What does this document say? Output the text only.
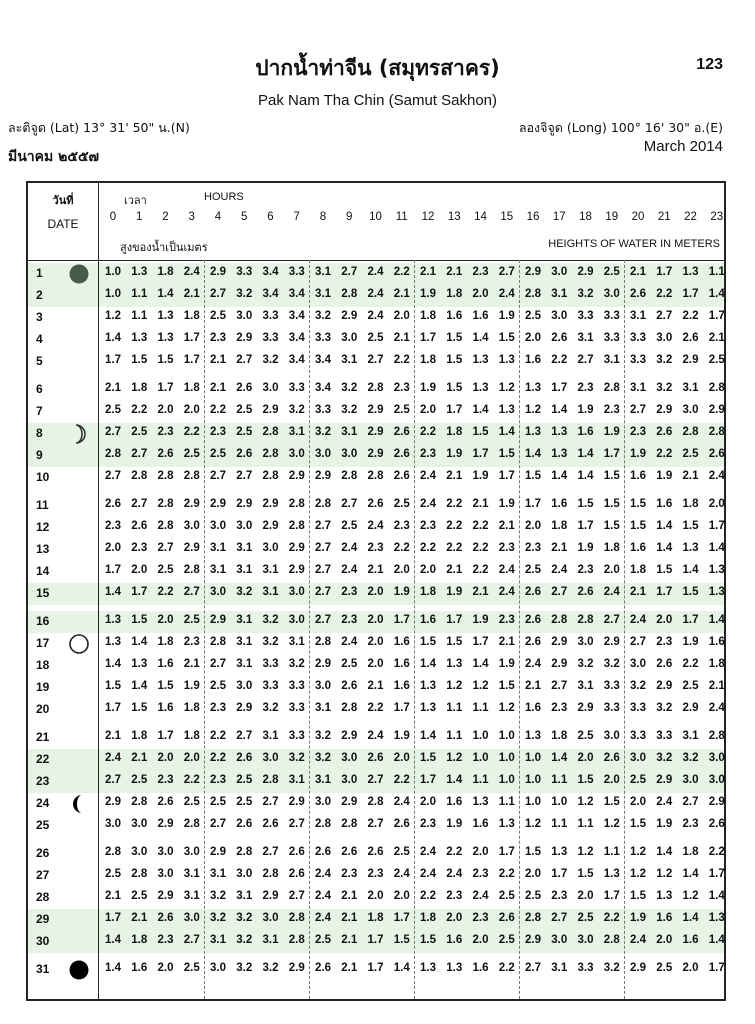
ปากน้ำท่าจีน (สมุทรสาคร)	123
Pak Nam Tha Chin (Samut Sakhon)
ละติจูด (Lat) 13° 31' 50" น.(N)	ลองจิจูด (Long) 100° 16' 30" อ.(E)
มีนาคม ๒๕๕๗
March 2014
วันที่
DATE
เวลา	HOURS
สูงของน้ำเป็นเมตร	HEIGHTS OF WATER IN METERS
0	1	2	3	4	5	6	7	8	9	10	11	12	13	14	15	16	17	18	19	20	21	22	23
1	1.0 1.3 1.8 2.4 2.9 3.3 3.4 3.3 3.1 2.7 2.4 2.2 2.1 2.1 2.3 2.7 2.9 3.0 2.9 2.5 2.1 1.7 1.3 1.1
2	1.0 1.1 1.4 2.1 2.7 3.2 3.4 3.4 3.1 2.8 2.4 2.1 1.9 1.8 2.0 2.4 2.8 3.1 3.2 3.0 2.6 2.2 1.7 1.4
3	1.2 1.1 1.3 1.8 2.5 3.0 3.3 3.4 3.2 2.9 2.4 2.0 1.8 1.6 1.6 1.9 2.5 3.0 3.3 3.3 3.1 2.7 2.2 1.7
4	1.4 1.3 1.3 1.7 2.3 2.9 3.3 3.4 3.3 3.0 2.5 2.1 1.7 1.5 1.4 1.5 2.0 2.6 3.1 3.3 3.3 3.0 2.6 2.1
5	1.7 1.5 1.5 1.7 2.1 2.7 3.2 3.4 3.4 3.1 2.7 2.2 1.8 1.5 1.3 1.3 1.6 2.2 2.7 3.1 3.3 3.2 2.9 2.5
6	2.1 1.8 1.7 1.8 2.1 2.6 3.0 3.3 3.4 3.2 2.8 2.3 1.9 1.5 1.3 1.2 1.3 1.7 2.3 2.8 3.1 3.2 3.1 2.8
7	2.5 2.2 2.0 2.0 2.2 2.5 2.9 3.2 3.3 3.2 2.9 2.5 2.0 1.7 1.4 1.3 1.2 1.4 1.9 2.3 2.7 2.9 3.0 2.9
8	2.7 2.5 2.3 2.2 2.3 2.5 2.8 3.1 3.2 3.1 2.9 2.6 2.2 1.8 1.5 1.4 1.3 1.3 1.6 1.9 2.3 2.6 2.8 2.8
9	2.8 2.7 2.6 2.5 2.5 2.6 2.8 3.0 3.0 3.0 2.9 2.6 2.3 1.9 1.7 1.5 1.4 1.3 1.4 1.7 1.9 2.2 2.5 2.6
10	2.7 2.8 2.8 2.8 2.7 2.7 2.8 2.9 2.9 2.8 2.8 2.6 2.4 2.1 1.9 1.7 1.5 1.4 1.4 1.5 1.6 1.9 2.1 2.4
11	2.6 2.7 2.8 2.9 2.9 2.9 2.9 2.8 2.8 2.7 2.6 2.5 2.4 2.2 2.1 1.9 1.7 1.6 1.5 1.5 1.5 1.6 1.8 2.0
12	2.3 2.6 2.8 3.0 3.0 3.0 2.9 2.8 2.7 2.5 2.4 2.3 2.3 2.2 2.2 2.1 2.0 1.8 1.7 1.5 1.5 1.4 1.5 1.7
13	2.0 2.3 2.7 2.9 3.1 3.1 3.0 2.9 2.7 2.4 2.3 2.2 2.2 2.2 2.2 2.3 2.3 2.1 1.9 1.8 1.6 1.4 1.3 1.4
14	1.7 2.0 2.5 2.8 3.1 3.1 3.1 2.9 2.7 2.4 2.1 2.0 2.0 2.1 2.2 2.4 2.5 2.4 2.3 2.0 1.8 1.5 1.4 1.3
15	1.4 1.7 2.2 2.7 3.0 3.2 3.1 3.0 2.7 2.3 2.0 1.9 1.8 1.9 2.1 2.4 2.6 2.7 2.6 2.4 2.1 1.7 1.5 1.3
16	1.3 1.5 2.0 2.5 2.9 3.1 3.2 3.0 2.7 2.3 2.0 1.7 1.6 1.7 1.9 2.3 2.6 2.8 2.8 2.7 2.4 2.0 1.7 1.4
17	1.3 1.4 1.8 2.3 2.8 3.1 3.2 3.1 2.8 2.4 2.0 1.6 1.5 1.5 1.7 2.1 2.6 2.9 3.0 2.9 2.7 2.3 1.9 1.6
18	1.4 1.3 1.6 2.1 2.7 3.1 3.3 3.2 2.9 2.5 2.0 1.6 1.4 1.3 1.4 1.9 2.4 2.9 3.2 3.2 3.0 2.6 2.2 1.8
19	1.5 1.4 1.5 1.9 2.5 3.0 3.3 3.3 3.0 2.6 2.1 1.6 1.3 1.2 1.2 1.5 2.1 2.7 3.1 3.3 3.2 2.9 2.5 2.1
20	1.7 1.5 1.6 1.8 2.3 2.9 3.2 3.3 3.1 2.8 2.2 1.7 1.3 1.1 1.1 1.2 1.6 2.3 2.9 3.3 3.3 3.2 2.9 2.4
21	2.1 1.8 1.7 1.8 2.2 2.7 3.1 3.3 3.2 2.9 2.4 1.9 1.4 1.1 1.0 1.0 1.3 1.8 2.5 3.0 3.3 3.3 3.1 2.8
22	2.4 2.1 2.0 2.0 2.2 2.6 3.0 3.2 3.2 3.0 2.6 2.0 1.5 1.2 1.0 1.0 1.0 1.4 2.0 2.6 3.0 3.2 3.2 3.0
23	2.7 2.5 2.3 2.2 2.3 2.5 2.8 3.1 3.1 3.0 2.7 2.2 1.7 1.4 1.1 1.0 1.0 1.1 1.5 2.0 2.5 2.9 3.0 3.0
24	2.9 2.8 2.6 2.5 2.5 2.5 2.7 2.9 3.0 2.9 2.8 2.4 2.0 1.6 1.3 1.1 1.0 1.0 1.2 1.5 2.0 2.4 2.7 2.9
25	3.0 3.0 2.9 2.8 2.7 2.6 2.6 2.7 2.8 2.8 2.7 2.6 2.3 1.9 1.6 1.3 1.2 1.1 1.1 1.2 1.5 1.9 2.3 2.6
26	2.8 3.0 3.0 3.0 2.9 2.8 2.7 2.6 2.6 2.6 2.6 2.5 2.4 2.2 2.0 1.7 1.5 1.3 1.2 1.1 1.2 1.4 1.8 2.2
27	2.5 2.8 3.0 3.1 3.1 3.0 2.8 2.6 2.4 2.3 2.3 2.4 2.4 2.4 2.3 2.2 2.0 1.7 1.5 1.3 1.2 1.2 1.4 1.7
28	2.1 2.5 2.9 3.1 3.2 3.1 2.9 2.7 2.4 2.1 2.0 2.0 2.2 2.3 2.4 2.5 2.5 2.3 2.0 1.7 1.5 1.3 1.2 1.4
29	1.7 2.1 2.6 3.0 3.2 3.2 3.0 2.8 2.4 2.1 1.8 1.7 1.8 2.0 2.3 2.6 2.8 2.7 2.5 2.2 1.9 1.6 1.4 1.3
30	1.4 1.8 2.3 2.7 3.1 3.2 3.1 2.8 2.5 2.1 1.7 1.5 1.5 1.6 2.0 2.5 2.9 3.0 3.0 2.8 2.4 2.0 1.6 1.4
31	1.4 1.6 2.0 2.5 3.0 3.2 3.2 2.9 2.6 2.1 1.7 1.4 1.3 1.3 1.6 2.2 2.7 3.1 3.3 3.2 2.9 2.5 2.0 1.7
